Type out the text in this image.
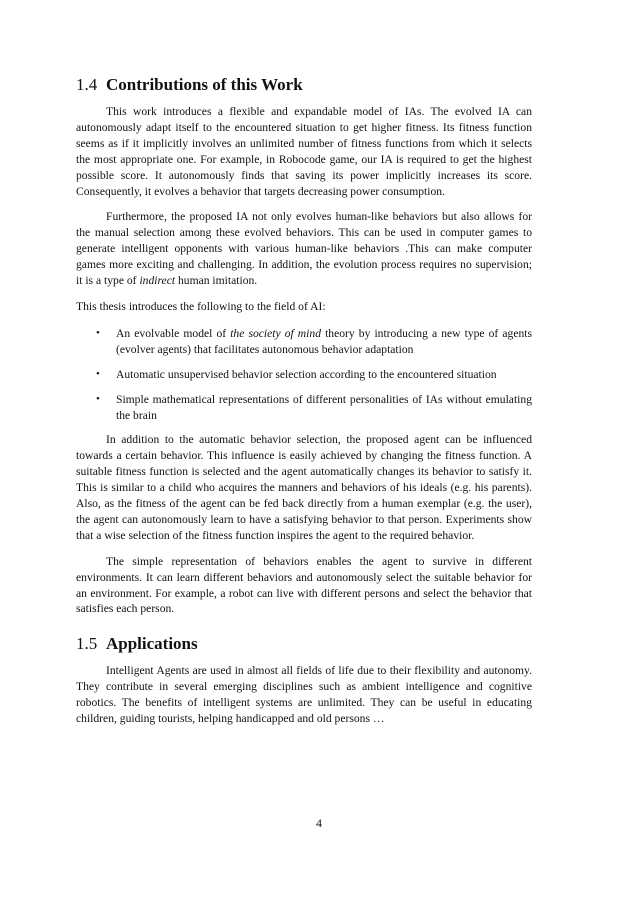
1.4 Contributions of this Work

This work introduces a flexible and expandable model of IAs. The evolved IA can autonomously adapt itself to the encountered situation to get higher fitness. Its fitness function seems as if it implicitly involves an unlimited number of fitness functions from which it selects the most appropriate one. For example, in Robocode game, our IA is required to get the highest possible score. It autonomously finds that saving its power implicitly increases its score. Consequently, it evolves a behavior that targets decreasing power consumption.

Furthermore, the proposed IA not only evolves human-like behaviors but also allows for the manual selection among these evolved behaviors. This can be used in computer games to generate intelligent opponents with various human-like behaviors .This can make computer games more exciting and challenging. In addition, the evolution process requires no supervision; it is a type of indirect human imitation.

This thesis introduces the following to the field of AI:

• An evolvable model of the society of mind theory by introducing a new type of agents (evolver agents) that facilitates autonomous behavior adaptation
• Automatic unsupervised behavior selection according to the encountered situation
• Simple mathematical representations of different personalities of IAs without emulating the brain

In addition to the automatic behavior selection, the proposed agent can be influenced towards a certain behavior. This influence is easily achieved by changing the fitness function. A suitable fitness function is selected and the agent automatically changes its behavior to satisfy it. This is similar to a child who acquires the manners and behaviors of his ideals (e.g. his parents). Also, as the fitness of the agent can be fed back directly from a human exemplar (e.g. the user), the agent can autonomously learn to have a satisfying behavior to that person. Experiments show that a wise selection of the fitness function inspires the agent to the required behavior.

The simple representation of behaviors enables the agent to survive in different environments. It can learn different behaviors and autonomously select the suitable behavior for an environment. For example, a robot can live with different persons and select the behavior that satisfies each person.

1.5 Applications

Intelligent Agents are used in almost all fields of life due to their flexibility and autonomy. They contribute in several emerging disciplines such as ambient intelligence and cognitive robotics. The benefits of intelligent systems are unlimited. They can be useful in educating children, guiding tourists, helping handicapped and old persons …

4
